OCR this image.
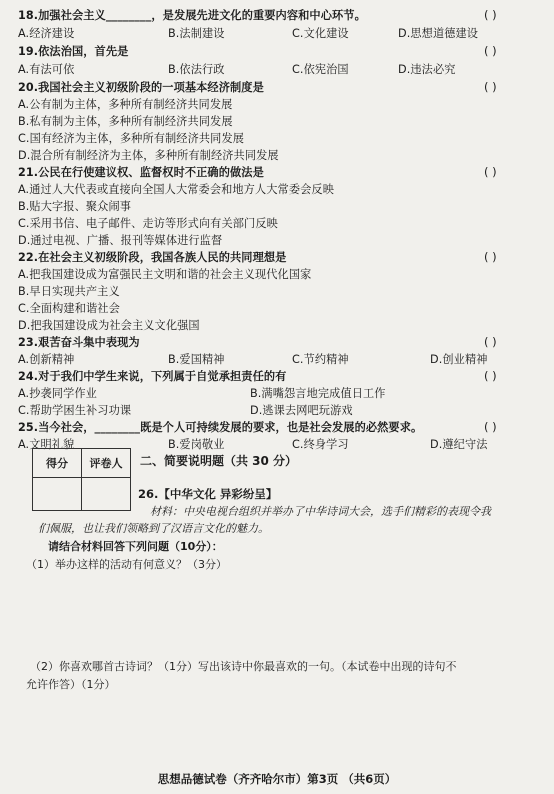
18.加强社会主义________，是发展先进文化的重要内容和中心环节。	( )
A.经济建设	B.法制建设	C.文化建设	D.思想道德建设
19.依法治国，首先是	( )
A.有法可依	B.依法行政	C.依宪治国	D.违法必究
20.我国社会主义初级阶段的一项基本经济制度是	( )
A.公有制为主体，多种所有制经济共同发展
B.私有制为主体，多种所有制经济共同发展
C.国有经济为主体，多种所有制经济共同发展
D.混合所有制经济为主体，多种所有制经济共同发展
21.公民在行使建议权、监督权时不正确的做法是	( )
A.通过人大代表或直接向全国人大常委会和地方人大常委会反映
B.贴大字报、聚众闹事
C.采用书信、电子邮件、走访等形式向有关部门反映
D.通过电视、广播、报刊等媒体进行监督
22.在社会主义初级阶段，我国各族人民的共同理想是	( )
A.把我国建设成为富强民主文明和谐的社会主义现代化国家
B.早日实现共产主义
C.全面构建和谐社会
D.把我国建设成为社会主义文化强国
23.艰苦奋斗集中表现为	( )
A.创新精神	B.爱国精神	C.节约精神	D.创业精神
24.对于我们中学生来说，下列属于自觉承担责任的有	( )
A.抄袭同学作业	B.满嘴怨言地完成值日工作
C.帮助学困生补习功课	D.逃课去网吧玩游戏
25.当今社会，________既是个人可持续发展的要求，也是社会发展的必然要求。	( )
A.文明礼貌	B.爱岗敬业	C.终身学习	D.遵纪守法
得分	评卷人
	二、简要说明题（共 30 分）
26.【中华文化 异彩纷呈】
材料：中央电视台组织并举办了中华诗词大会，选手们精彩的表现令我
们佩服，也让我们领略到了汉语言文化的魅力。
请结合材料回答下列问题（10分）：
（1）举办这样的活动有何意义？（3分）
（2）你喜欢哪首古诗词？（1分）写出该诗中你最喜欢的一句。（本试卷中出现的诗句不
允许作答）（1分）
思想品德试卷（齐齐哈尔市）第3页 （共6页）
